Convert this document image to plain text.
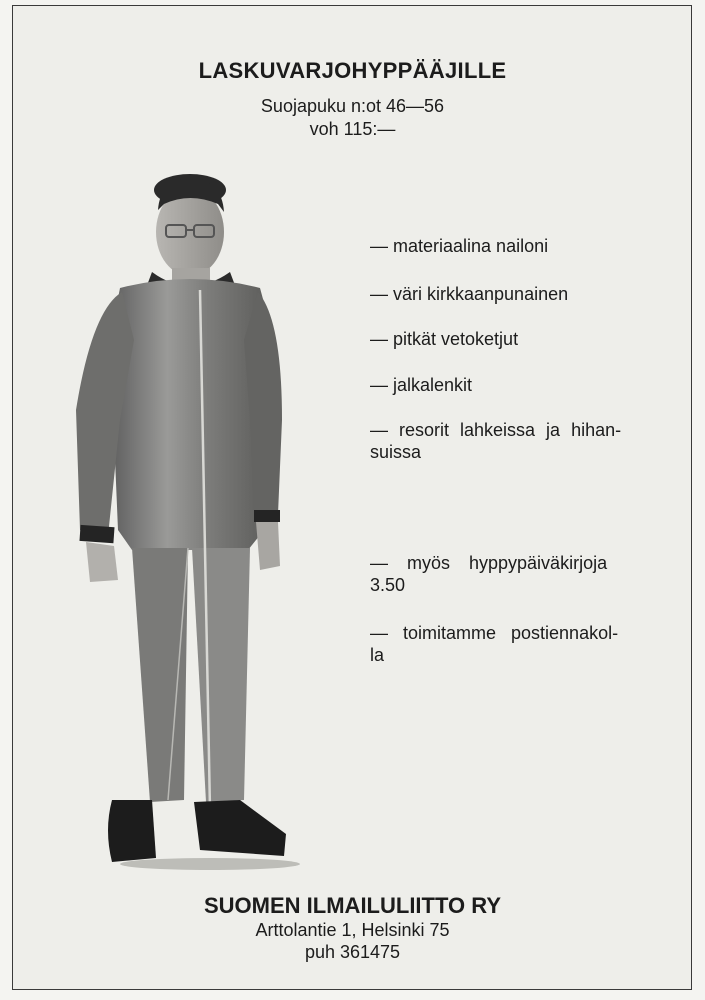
LASKUVARJOHYPPÄÄJILLE
Suojapuku n:ot 46—56
voh 115:—
— materiaalina nailoni
— väri kirkkaanpunainen
— pitkät vetoketjut
— jalkalenkit
— resorit lahkeissa ja hihan-
suissa
— myös hyppypäiväkirjoja
3.50
— toimitamme postiennakol-
la
SUOMEN ILMAILULIITTO RY
Arttolantie 1, Helsinki 75
puh 361475
